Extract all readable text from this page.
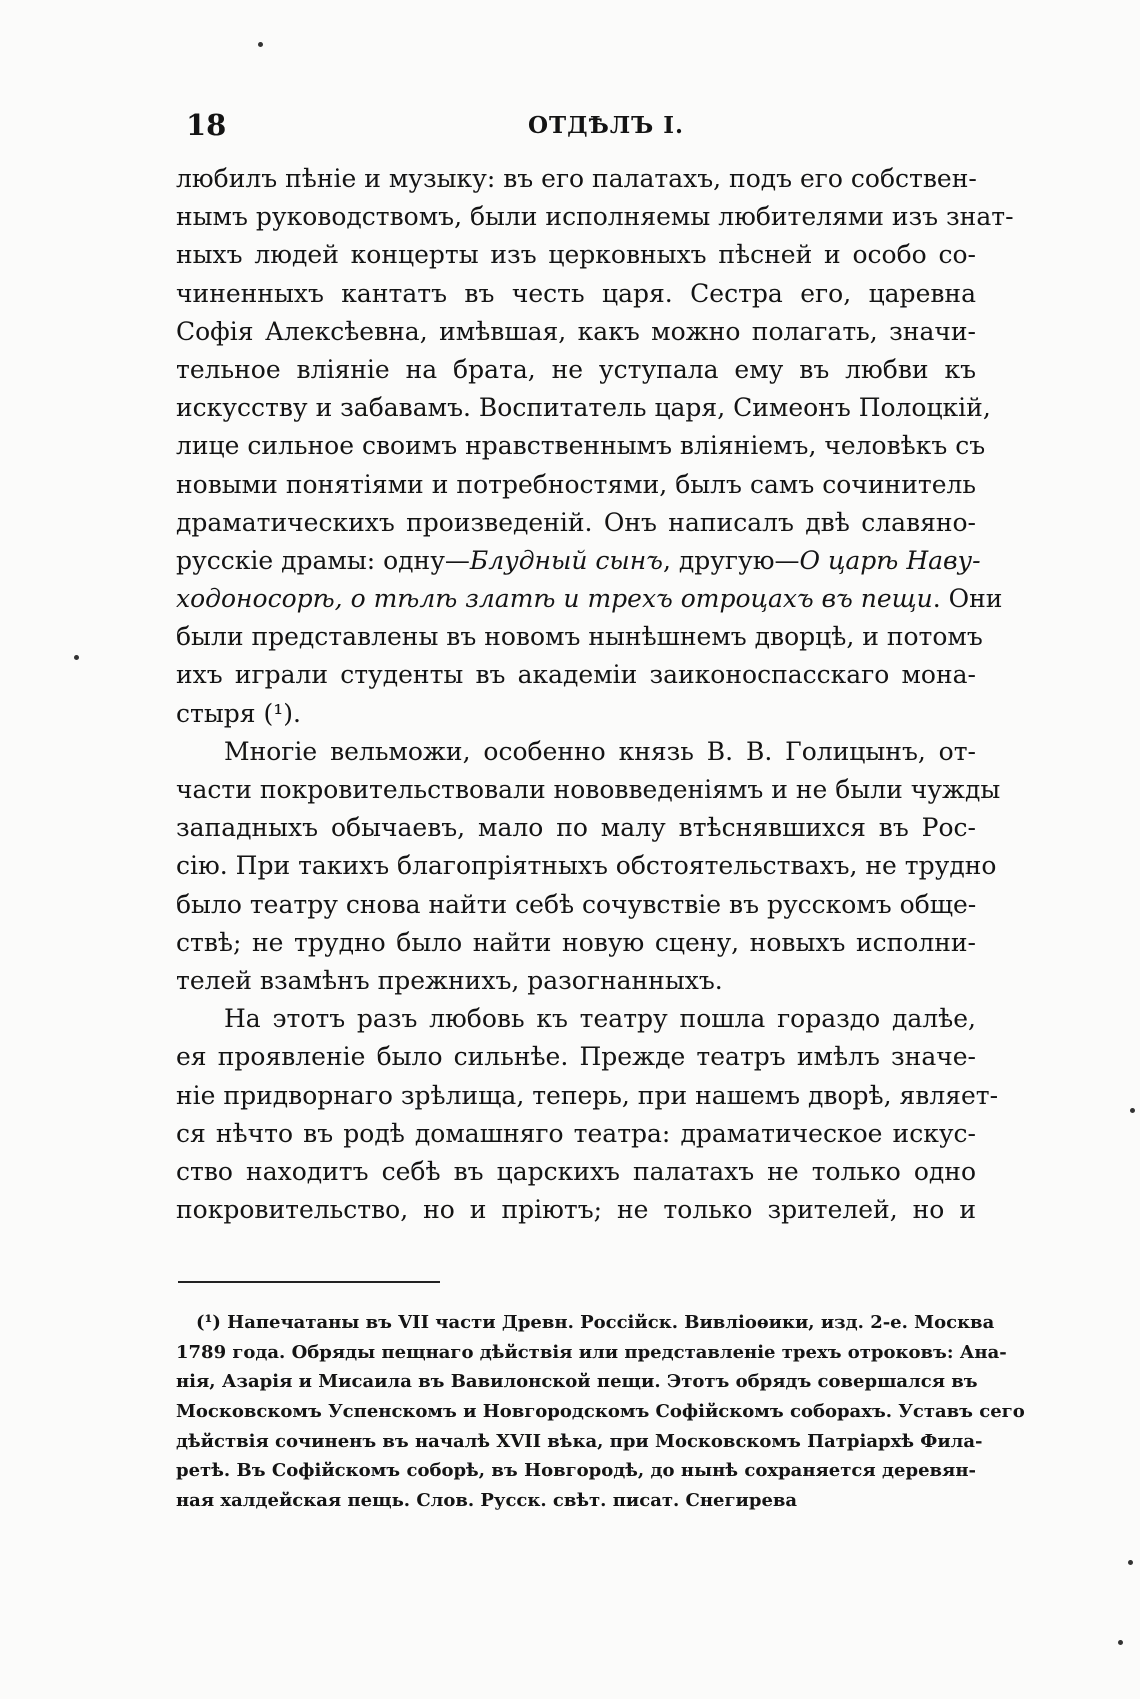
18	ОТДѢЛЪ I.
любилъ пѣніе и музыку: въ его палатахъ, подъ его собствен-
нымъ руководствомъ, были исполняемы любителями изъ знат-
ныхъ людей концерты изъ церковныхъ пѣсней и особо со-
чиненныхъ кантатъ въ честь царя. Сестра его, царевна
Софія Алексѣевна, имѣвшая, какъ можно полагать, значи-
тельное вліяніе на брата, не уступала ему въ любви къ
искусству и забавамъ. Воспитатель царя, Симеонъ Полоцкій,
лице сильное своимъ нравственнымъ вліяніемъ, человѣкъ съ
новыми понятіями и потребностями, былъ самъ сочинитель
драматическихъ произведеній. Онъ написалъ двѣ славяно-
русскіе драмы: одну—Блудный сынъ, другую—О царѣ Наву-
ходоносорѣ, о тѣлѣ златѣ и трехъ отроцахъ въ пещи. Они
были представлены въ новомъ нынѣшнемъ дворцѣ, и потомъ
ихъ играли студенты въ академіи заиконоспасскаго мона-
стыря (¹).
Многіе вельможи, особенно князь В. В. Голицынъ, от-
части покровительствовали нововведеніямъ и не были чужды
западныхъ обычаевъ, мало по малу втѣснявшихся въ Рос-
сію. При такихъ благопріятныхъ обстоятельствахъ, не трудно
было театру снова найти себѣ сочувствіе въ русскомъ обще-
ствѣ; не трудно было найти новую сцену, новыхъ исполни-
телей взамѣнъ прежнихъ, разогнанныхъ.
На этотъ разъ любовь къ театру пошла гораздо далѣе,
ея проявленіе было сильнѣе. Прежде театръ имѣлъ значе-
ніе придворнаго зрѣлища, теперь, при нашемъ дворѣ, являет-
ся нѣчто въ родѣ домашняго театра: драматическое искус-
ство находитъ себѣ въ царскихъ палатахъ не только одно
покровительство, но и пріютъ; не только зрителей, но и
(¹) Напечатаны въ VII части Древн. Россійск. Вивліоѳики, изд. 2-е. Москва
1789 года. Обряды пещнаго дѣйствія или представленіе трехъ отроковъ: Ана-
нія, Азарія и Мисаила въ Вавилонской пещи. Этотъ обрядъ совершался въ
Московскомъ Успенскомъ и Новгородскомъ Софійскомъ соборахъ. Уставъ сего
дѣйствія сочиненъ въ началѣ XVII вѣка, при Московскомъ Патріархѣ Фила-
ретѣ. Въ Софійскомъ соборѣ, въ Новгородѣ, до нынѣ сохраняется деревян-
ная халдейская пещь. Слов. Русск. свѣт. писат. Снегирева
